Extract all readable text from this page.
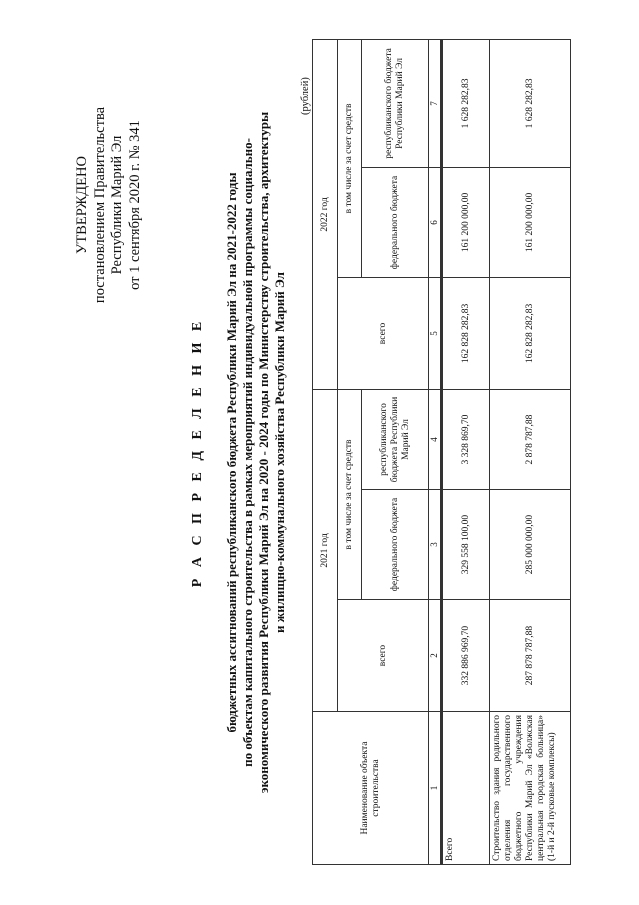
УТВЕРЖДЕНО постановлением Правительства Республики Марий Эл от 1 сентября 2020 г. № 341
Р А С П Р Е Д Е Л Е Н И Е бюджетных ассигнований республиканского бюджета Республики Марий Эл на 2021-2022 годы по объектам капитального строительства в рамках мероприятий индивидуальной программы социально- экономического развития Республики Марий Эл на 2020 - 2024 годы по Министерству строительства, архитектуры и жилищно-коммунального хозяйства Республики Марий Эл
(рублей)
Наименование объекта строительства	2021 год			2022 год		
	всего	в том числе за счет средств		всего	в том числе за счет средств	
		федерального бюджета	республиканского бюджета Республики Марий Эл		федерального бюджета	республиканского бюджета Республики Марий Эл
1	2	3	4	5	6	7
Всего	332 886 969,70	329 558 100,00	3 328 869,70	162 828 282,83	161 200 000,00	1 628 282,83
Строительство здания родильного отделения государственного бюджетного учреждения Республики Марий Эл «Волжская центральная городская больница» (1-й и 2-й пусковые комплексы)	287 878 787,88	285 000 000,00	2 878 787,88	162 828 282,83	161 200 000,00	1 628 282,83
